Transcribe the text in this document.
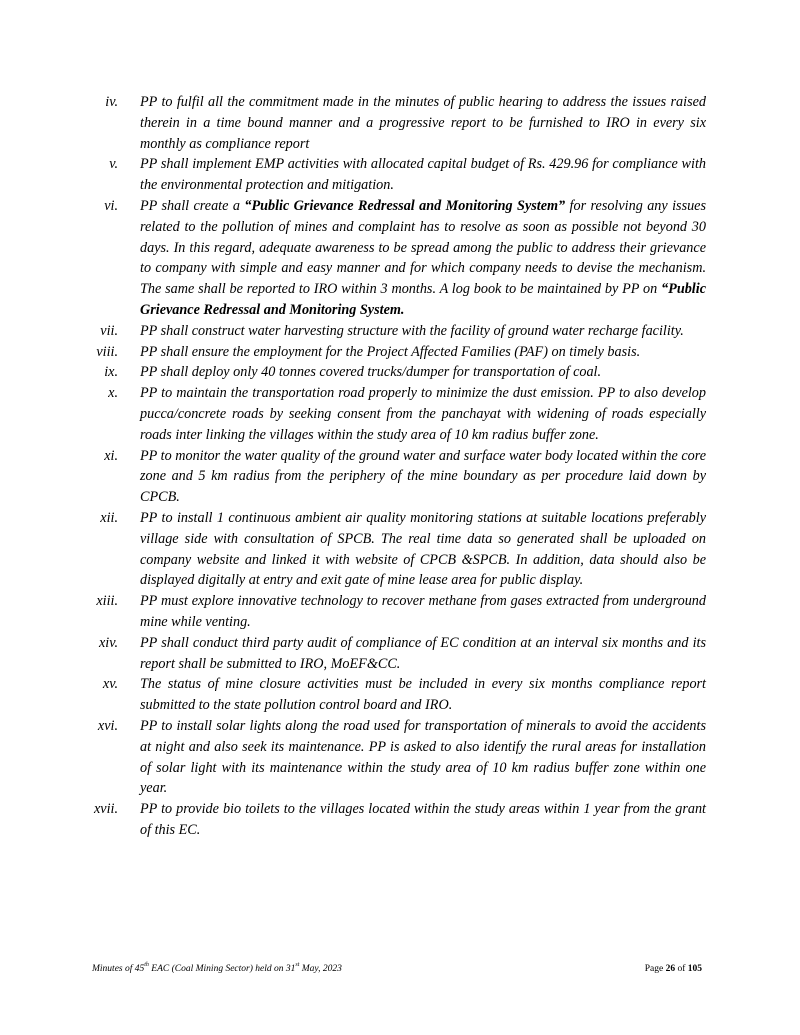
iv. PP to fulfil all the commitment made in the minutes of public hearing to address the issues raised therein in a time bound manner and a progressive report to be furnished to IRO in every six monthly as compliance report
v. PP shall implement EMP activities with allocated capital budget of Rs. 429.96 for compliance with the environmental protection and mitigation.
vi. PP shall create a “Public Grievance Redressal and Monitoring System” for resolving any issues related to the pollution of mines and complaint has to resolve as soon as possible not beyond 30 days. In this regard, adequate awareness to be spread among the public to address their grievance to company with simple and easy manner and for which company needs to devise the mechanism. The same shall be reported to IRO within 3 months. A log book to be maintained by PP on “Public Grievance Redressal and Monitoring System.
vii. PP shall construct water harvesting structure with the facility of ground water recharge facility.
viii. PP shall ensure the employment for the Project Affected Families (PAF) on timely basis.
ix. PP shall deploy only 40 tonnes covered trucks/dumper for transportation of coal.
x. PP to maintain the transportation road properly to minimize the dust emission. PP to also develop pucca/concrete roads by seeking consent from the panchayat with widening of roads especially roads inter linking the villages within the study area of 10 km radius buffer zone.
xi. PP to monitor the water quality of the ground water and surface water body located within the core zone and 5 km radius from the periphery of the mine boundary as per procedure laid down by CPCB.
xii. PP to install 1 continuous ambient air quality monitoring stations at suitable locations preferably village side with consultation of SPCB. The real time data so generated shall be uploaded on company website and linked it with website of CPCB &SPCB. In addition, data should also be displayed digitally at entry and exit gate of mine lease area for public display.
xiii. PP must explore innovative technology to recover methane from gases extracted from underground mine while venting.
xiv. PP shall conduct third party audit of compliance of EC condition at an interval six months and its report shall be submitted to IRO, MoEF&CC.
xv. The status of mine closure activities must be included in every six months compliance report submitted to the state pollution control board and IRO.
xvi. PP to install solar lights along the road used for transportation of minerals to avoid the accidents at night and also seek its maintenance. PP is asked to also identify the rural areas for installation of solar light with its maintenance within the study area of 10 km radius buffer zone within one year.
xvii. PP to provide bio toilets to the villages located within the study areas within 1 year from the grant of this EC.
Minutes of 45th EAC (Coal Mining Sector) held on 31st May, 2023	Page 26 of 105
